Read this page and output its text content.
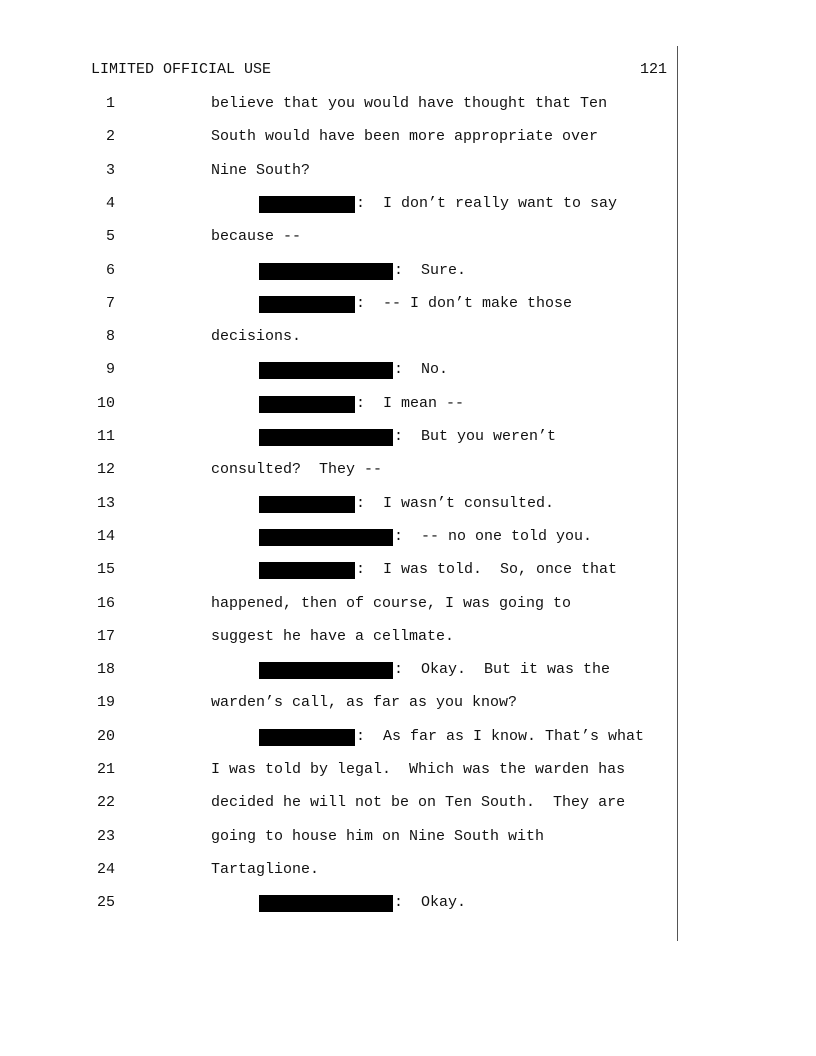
LIMITED OFFICIAL USE	121
1	believe that you would have thought that Ten
2	South would have been more appropriate over
3	Nine South?
4	:  I don’t really want to say
5	because --
6	:  Sure.
7	:  -- I don’t make those
8	decisions.
9	:  No.
10	:  I mean --
11	:  But you weren’t
12	consulted?  They --
13	:  I wasn’t consulted.
14	:  -- no one told you.
15	:  I was told.  So, once that
16	happened, then of course, I was going to
17	suggest he have a cellmate.
18	:  Okay.  But it was the
19	warden’s call, as far as you know?
20	:  As far as I know. That’s what
21	I was told by legal.  Which was the warden has
22	decided he will not be on Ten South.  They are
23	going to house him on Nine South with
24	Tartaglione.
25	:  Okay.
